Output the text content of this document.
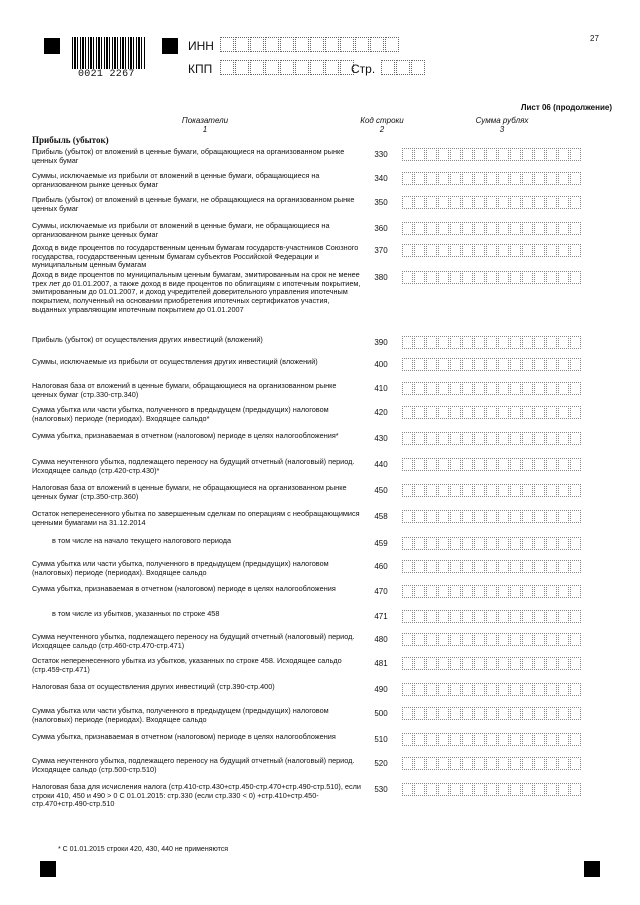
0021 2267
ИНН
КПП	Стр.
27
Лист 06 (продолжение)
Показатели
1
Код строки
2
Сумма рублях
3
Прибыль (убыток)
Прибыль (убыток) от вложений в ценные бумаги, обращающиеся на организованном рынке ценных бумаг
330
Суммы, исключаемые из прибыли от вложений в ценные бумаги, обращающиеся на организованном рынке ценных бумаг
340
Прибыль (убыток) от вложений в ценные бумаги, не обращающиеся на организованном рынке ценных бумаг
350
Суммы, исключаемые из прибыли от вложений в ценные бумаги, не обращающиеся на организованном рынке ценных бумаг
360
Доход в виде процентов по государственным ценным бумагам государств-участников Союзного государства, государственным ценным бумагам субъектов Российской Федерации и муниципальным ценным бумагам
370
Доход в виде процентов по муниципальным ценным бумагам, эмитированным на срок не менее трех лет до 01.01.2007, а также доход в виде процентов по облигациям с ипотечным покрытием, эмитированным до 01.01.2007, и доход учредителей доверительного управления ипотечным покрытием, полученный на основании приобретения ипотечных сертификатов участия, выданных управляющим ипотечным покрытием до 01.01.2007
380
Прибыль (убыток) от осуществления других инвестиций (вложений)	390
Суммы, исключаемые из прибыли от осуществления других инвестиций (вложений)	400
Налоговая база от вложений в ценные бумаги, обращающиеся на организованном рынке ценных бумаг (стр.330-стр.340)
410
Сумма убытка или части убытка, полученного в предыдущем (предыдущих) налоговом (налоговых) периоде (периодах). Входящее сальдо*
420
Сумма убытка, признаваемая в отчетном (налоговом) периоде в целях налогообложения*	430
Сумма неучтенного убытка, подлежащего переносу на будущий отчетный (налоговый) период. Исходящее сальдо (стр.420-стр.430)*
440
Налоговая база от вложений в ценные бумаги, не обращающиеся на организованном рынке ценных бумаг (стр.350-стр.360)
450
Остаток неперенесенного убытка по завершенным сделкам по операциям с необращающимися ценными бумагами на 31.12.2014
458
в том числе на начало текущего налогового периода	459
Сумма убытка или части убытка, полученного в предыдущем (предыдущих) налоговом (налоговых) периоде (периодах). Входящее сальдо
460
Сумма убытка, признаваемая в отчетном (налоговом) периоде в целях налогообложения	470
в том числе из убытков, указанных по строке 458	471
Сумма неучтенного убытка, подлежащего переносу на будущий отчетный (налоговый) период. Исходящее сальдо (стр.460-стр.470-стр.471)
480
Остаток неперенесенного убытка из убытков, указанных по строке 458. Исходящее сальдо (стр.459-стр.471)
481
Налоговая база от осуществления других инвестиций (стр.390-стр.400)	490
Сумма убытка или части убытка, полученного в предыдущем (предыдущих) налоговом (налоговых) периоде (периодах). Входящее сальдо
500
Сумма убытка, признаваемая в отчетном (налоговом) периоде в целях налогообложения	510
Сумма неучтенного убытка, подлежащего переносу на будущий отчетный (налоговый) период. Исходящее сальдо (стр.500-стр.510)
520
Налоговая база для исчисления налога (стр.410-стр.430+стр.450-стр.470+стр.490-стр.510), если строки 410, 450 и 490 > 0 С 01.01.2015: стр.330 (если стр.330 < 0) +стр.410+стр.450-стр.470+стр.490-стр.510
530
* С 01.01.2015 строки 420, 430, 440 не применяются
